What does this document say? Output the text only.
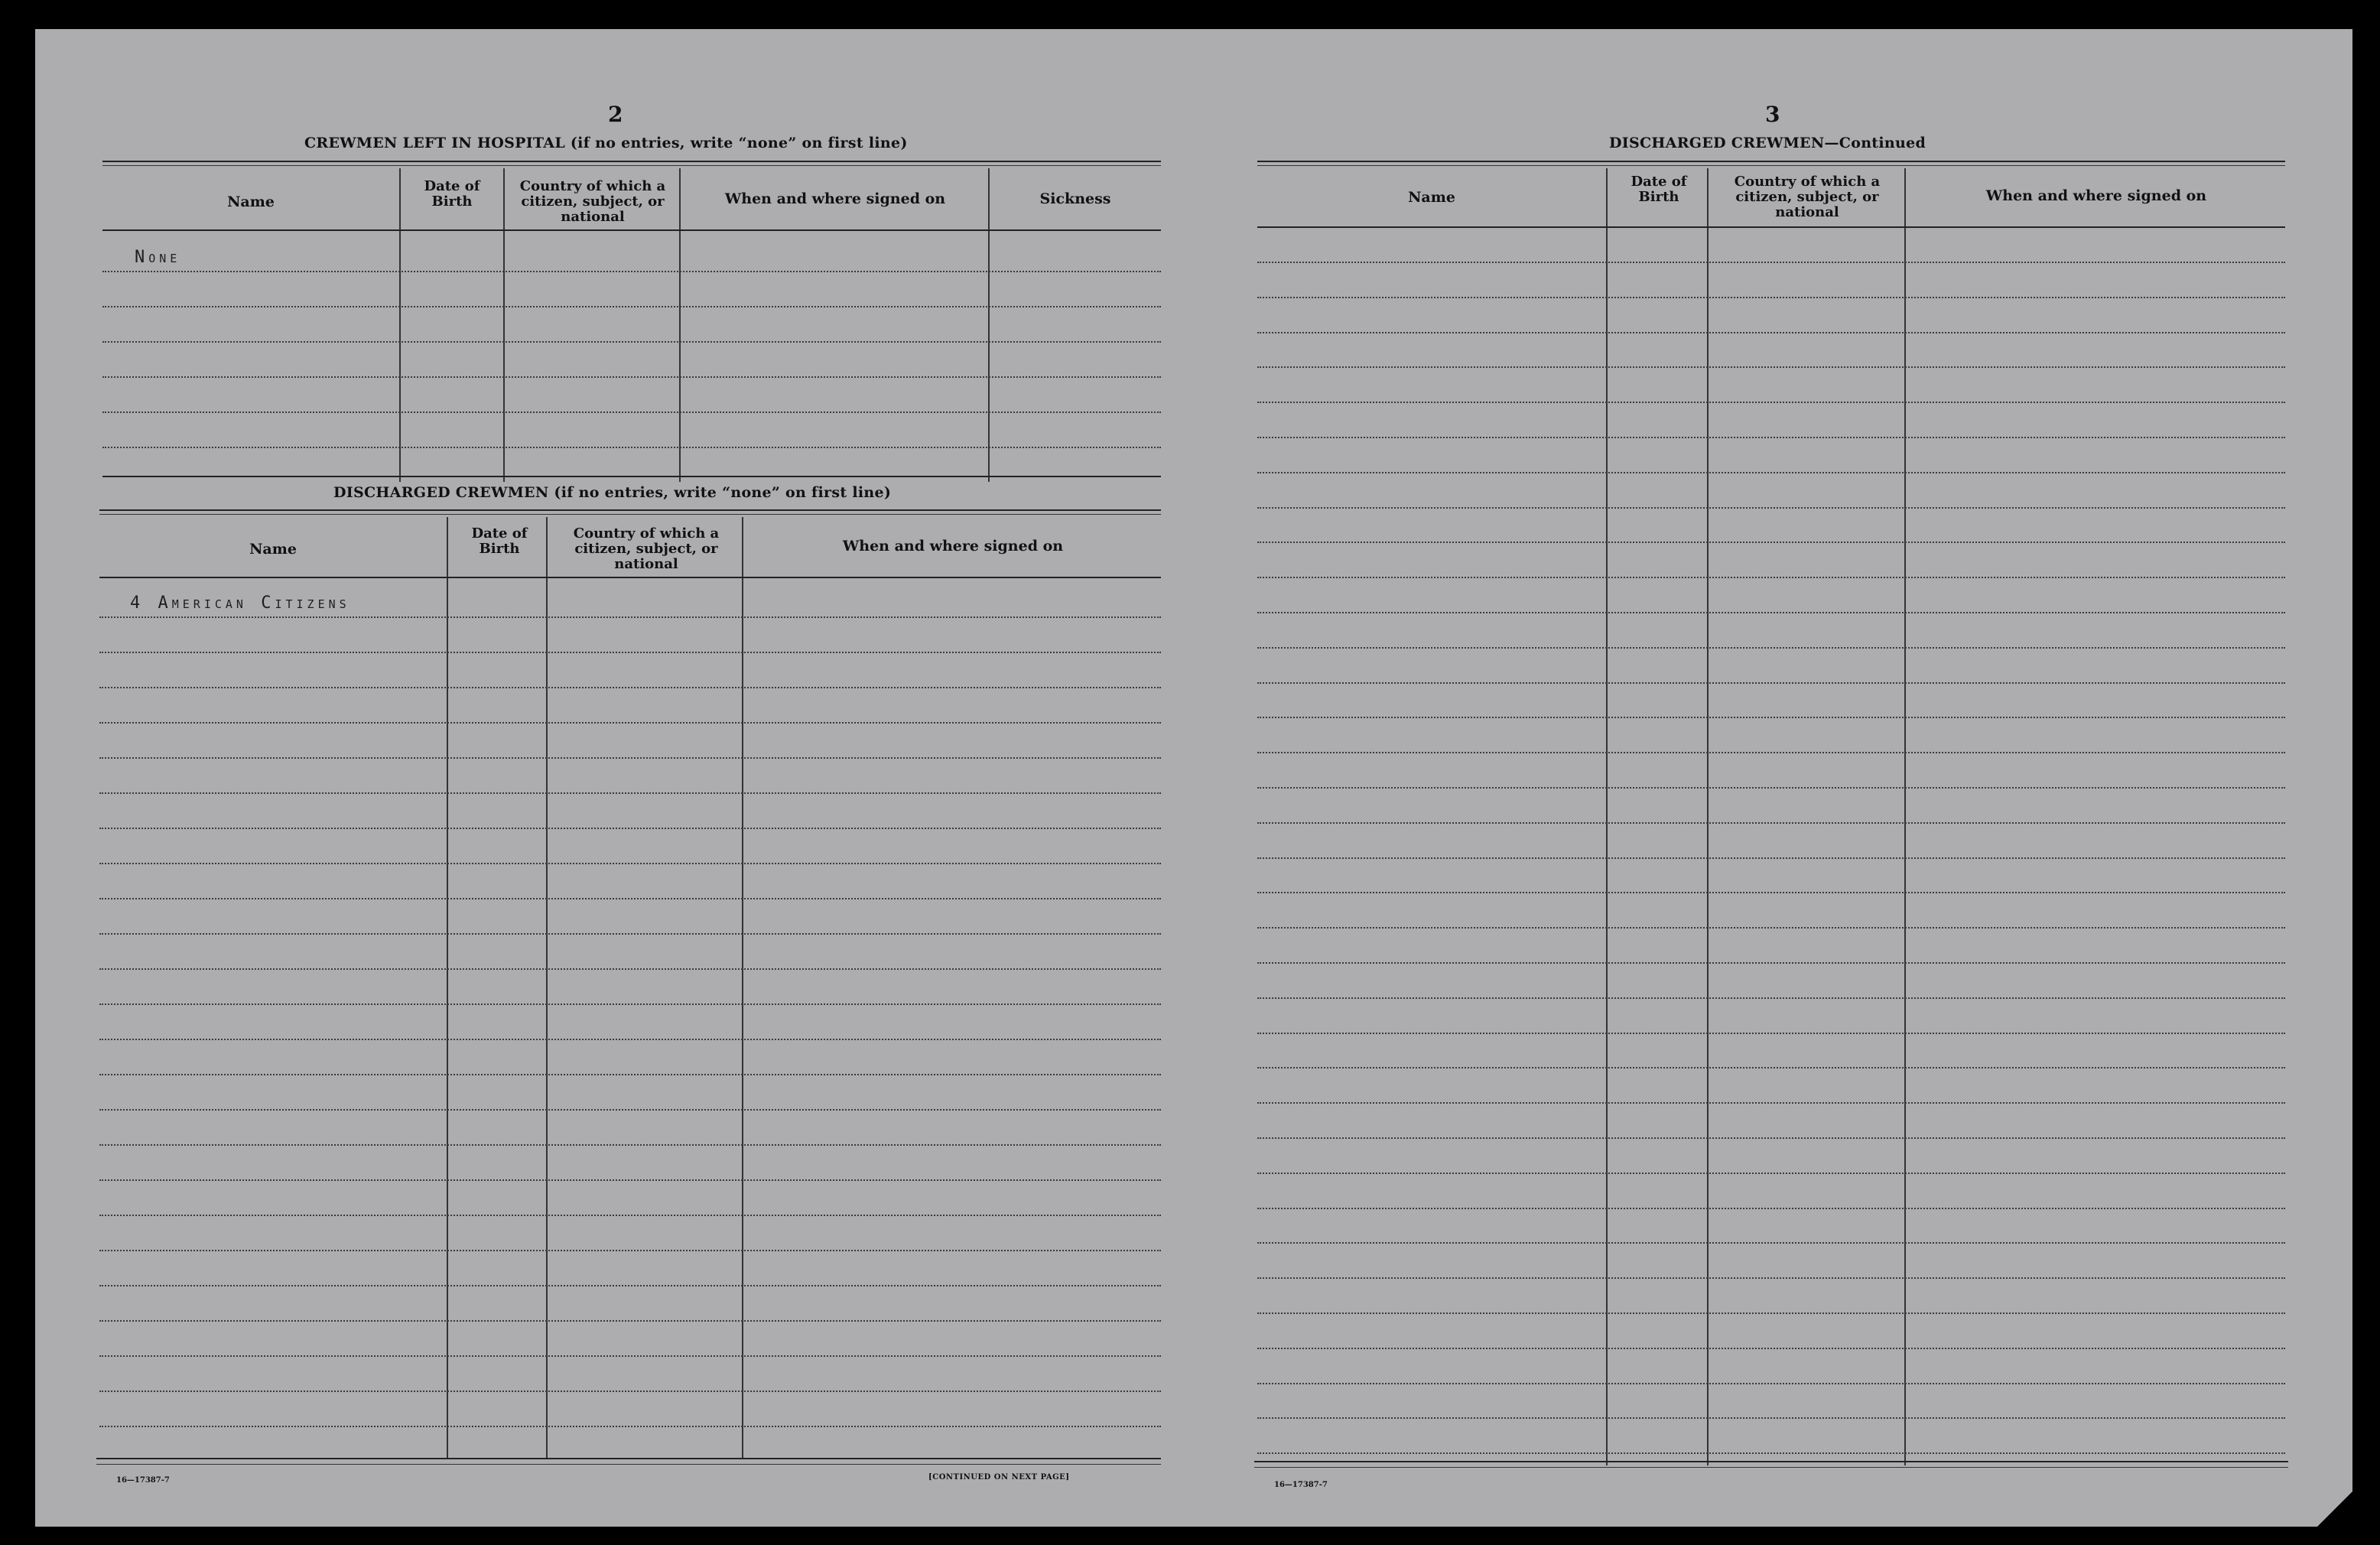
2
CREWMEN LEFT IN HOSPITAL (if no entries, write “none” on first line)
Name
Date of Birth
Country of which a citizen, subject, or national
When and where signed on	Sickness
None
DISCHARGED CREWMEN (if no entries, write “none” on first line)
Name
Date of Birth
Country of which a citizen, subject, or national
When and where signed on
4 American Citizens
16—17387-7	[CONTINUED ON NEXT PAGE]
3
DISCHARGED CREWMEN—Continued
Name
Date of Birth
Country of which a citizen, subject, or national
When and where signed on
16—17387-7
